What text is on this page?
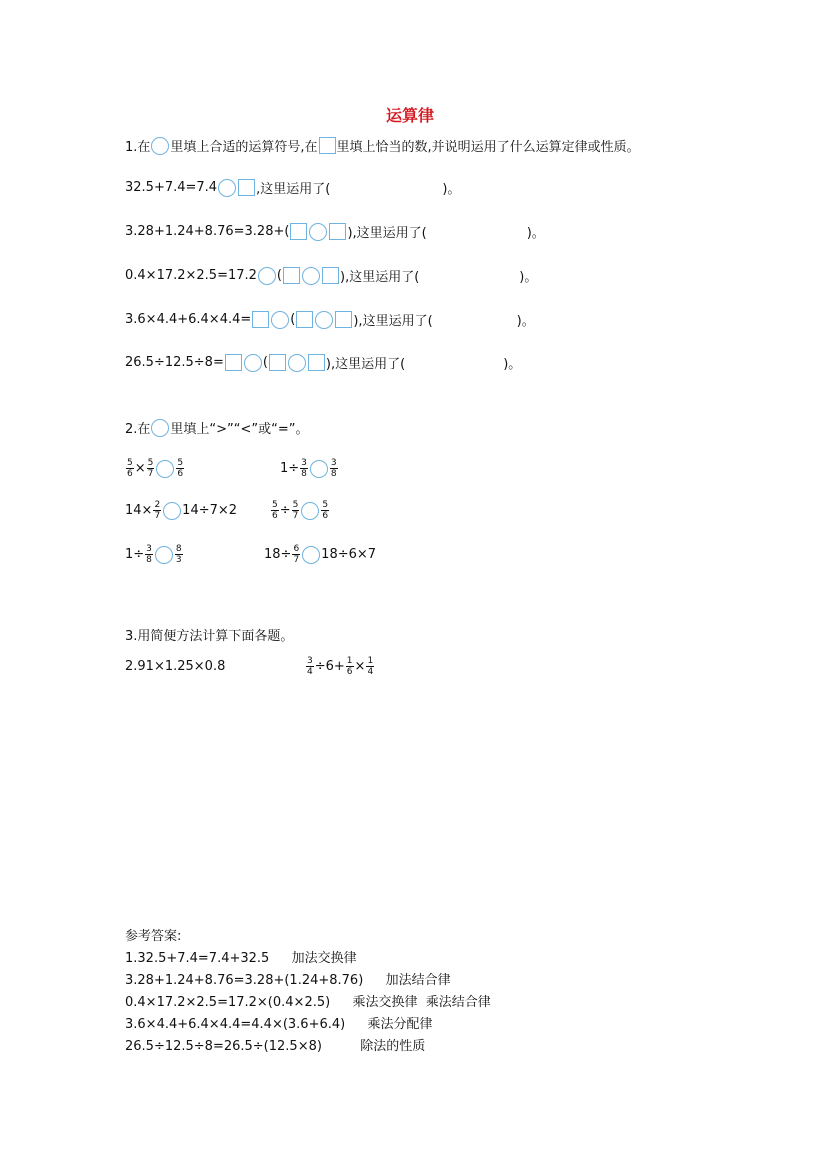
运算律
1.在 里填上合适的运算符号,在 里填上恰当的数,并说明运用了什么运算定律或性质。
32.5+7.4=7.4	,这里运用了(	)。
3.28+1.24+8.76=3.28+(	),这里运用了(	)。
0.4×17.2×2.5=17.2 (	),这里运用了(	)。
3.6×4.4+6.4×4.4=	(	),这里运用了(	)。
26.5÷12.5÷8=	(	),这里运用了(	)。
2.在 里填上“>”“<”或“=”。
$\frac{5}{6} \times \frac{5}{7} \frac{5}{6}$	$1\div \frac{3}{8} \frac{3}{8}$
$14\times \frac{2}{7} 14\div 7\times 2$	$\frac{5}{6} \div \frac{5}{7} \frac{5}{6}$
$1\div \frac{3}{8} \frac{8}{3}$	$18\div \frac{6}{7} 18\div 6\times 7$
3.用简便方法计算下面各题。
2.91×1.25×0.8	$\frac{3}{4} \div 6+ \frac{1}{6} \times \frac{1}{4}$
参考答案:
1.32.5+7.4=7.4+32.5 加法交换律
3.28+1.24+8.76=3.28+(1.24+8.76) 加法结合律
0.4×17.2×2.5=17.2×(0.4×2.5) 乘法交换律  乘法结合律
3.6×4.4+6.4×4.4=4.4×(3.6+6.4) 乘法分配律
26.5÷12.5÷8=26.5÷(12.5×8)	除法的性质
